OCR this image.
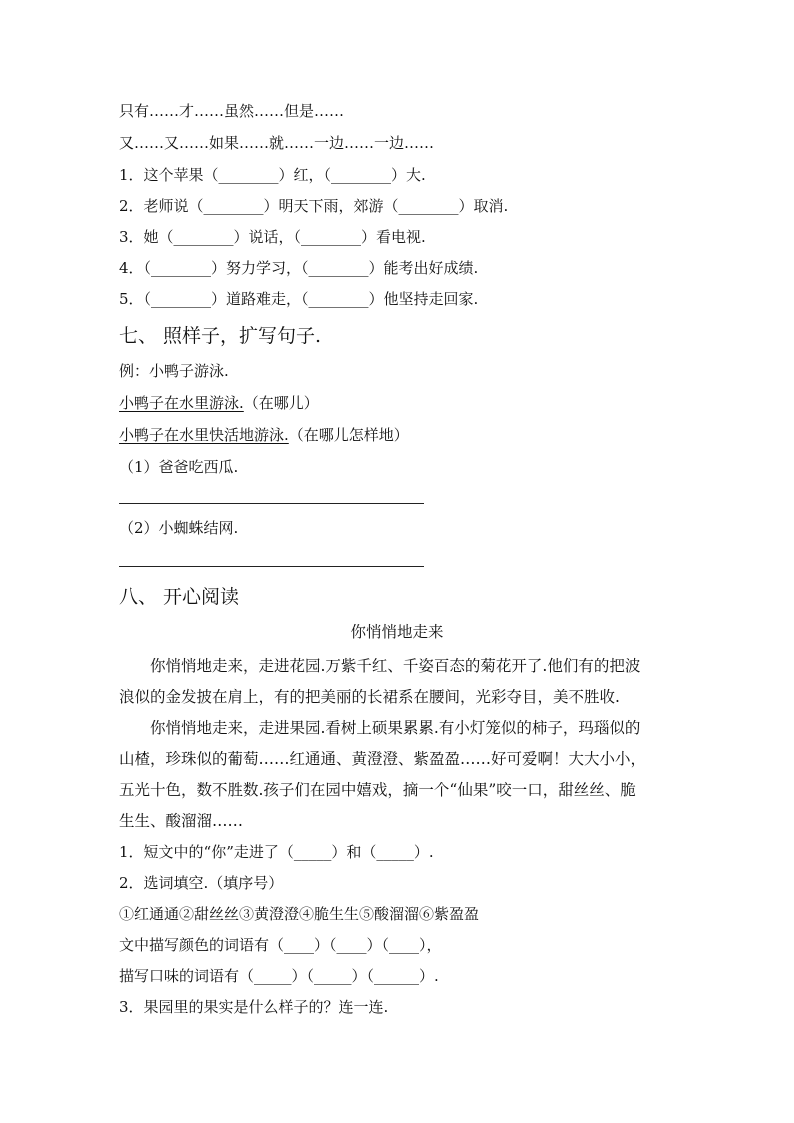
只有……才……虽然……但是……
又……又……如果……就……一边……一边……
1．这个苹果（________）红，（________）大.
2．老师说（________）明天下雨，郊游（________）取消.
3．她（________）说话，（________）看电视.
4．（________）努力学习，（________）能考出好成绩.
5．（________）道路难走，（________）他坚持走回家.
七、 照样子，扩写句子.
例：小鸭子游泳.
小鸭子在水里游泳.（在哪儿）
小鸭子在水里快活地游泳.（在哪儿怎样地）
（1）爸爸吃西瓜.
（2）小蜘蛛结网.
八、 开心阅读
你悄悄地走来
你悄悄地走来，走进花园.万紫千红、千姿百态的菊花开了.他们有的把波
浪似的金发披在肩上，有的把美丽的长裙系在腰间，光彩夺目，美不胜收.
你悄悄地走来，走进果园.看树上硕果累累.有小灯笼似的柿子，玛瑙似的
山楂，珍珠似的葡萄……红通通、黄澄澄、紫盈盈……好可爱啊！大大小小，
五光十色，数不胜数.孩子们在园中嬉戏，摘一个“仙果”咬一口，甜丝丝、脆
生生、酸溜溜……
1．短文中的“你”走进了（_____）和（_____）.
2．选词填空.（填序号）
①红通通②甜丝丝③黄澄澄④脆生生⑤酸溜溜⑥紫盈盈
文中描写颜色的词语有（____）（____）（____），
描写口味的词语有（_____）（_____）（______）.
3．果园里的果实是什么样子的？连一连.
